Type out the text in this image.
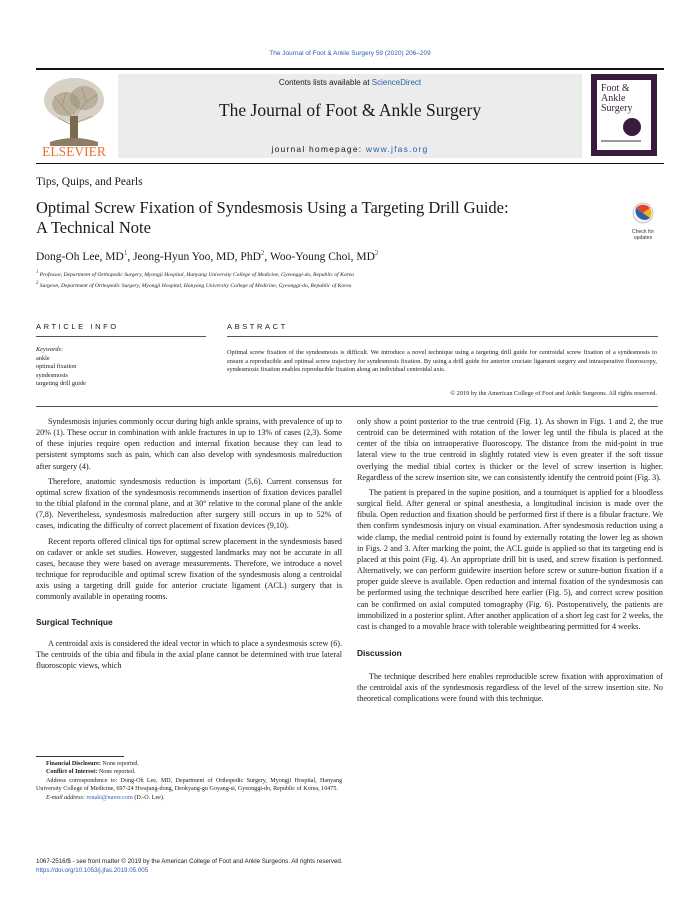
The Journal of Foot & Ankle Surgery 59 (2020) 206–209
ELSEVIER
Contents lists available at ScienceDirect
The Journal of Foot & Ankle Surgery
journal homepage: www.jfas.org
Foot &
Ankle
Surgery
Tips, Quips, and Pearls
Optimal Screw Fixation of Syndesmosis Using a Targeting Drill Guide:
A Technical Note	Check for
updates
Dong-Oh Lee, $MD^1$, Jeong-Hyun Yoo, MD, PhD$^2$, Woo-Young Choi, $MD^2$
$^1$ Professor, Department of Orthopedic Surgery, Myongji Hospital, Hanyang University College of Medicine, Gyeonggi-do, Republic of Korea
$^2$ Surgeon, Department of Orthopedic Surgery, Myongji Hospital, Hanyang University College of Medicine, Gyeonggi-do, Republic of Korea
ARTICLE INFO	ABSTRACT
Keywords:
ankle
optimal fixation
syndesmosis
targeting drill guide
Optimal screw fixation of the syndesmosis is difficult. We introduce a novel technique using a targeting drill guide for centroidal screw fixation of a syndesmosis to ensure a reproducible and optimal screw trajectory for syndesmosis fixation. By using a drill guide for anterior cruciate ligament surgery and intraoperative fluoroscopy, syndesmosis fixation enables reproducible fixation along an individual centroidal axis.
© 2019 by the American College of Foot and Ankle Surgeons. All rights reserved.

Syndesmosis injuries commonly occur during high ankle sprains, with prevalence of up to 20% (1). These occur in combination with ankle fractures in up to 13% of cases (2,3). Some of these injuries require open reduction and internal fixation because they can lead to persistent symptoms such as pain, which can also develop with syndesmosis malreduction after surgery (4).

Therefore, anatomic syndesmosis reduction is important (5,6). Current consensus for optimal screw fixation of the syndesmosis recommends insertion of fixation devices parallel to the tibial plafond in the coronal plane, and at 30° relative to the coronal plane of the ankle (7,8). Nevertheless, syndesmosis malreduction after surgery still occurs in up to 52% of cases, indicating the difficulty of correct placement of fixation devices (9,10).

Recent reports offered clinical tips for optimal screw placement in the syndesmosis based on cadaver or ankle set studies. However, suggested landmarks may not be accurate in all cases, because they were based on average measurements. Therefore, we introduce a novel technique for reproducible and optimal screw fixation of the syndesmosis along a centroidal axis using a targeting drill guide for anterior cruciate ligament (ACL) surgery that is commonly available in operating rooms.

Surgical Technique

A centroidal axis is considered the ideal vector in which to place a syndesmosis screw (6). The centroids of the tibia and fibula in the axial plane cannot be determined with true lateral fluoroscopic views, which

only show a point posterior to the true centroid (Fig. 1). As shown in Figs. 1 and 2, the true centroid can be determined with rotation of the lower leg until the fibula is placed at the center of the tibia on intraoperative fluoroscopy. The distance from the mid-point in true lateral view to the true centroid in slightly rotated view is even greater if the soft tissue overlying the medial tibial cortex is thicker or the level of screw insertion is higher. Regardless of the screw insertion site, we can consistently identify the centroid point (Fig. 3).

The patient is prepared in the supine position, and a tourniquet is applied for a bloodless surgical field. After general or spinal anesthesia, a longitudinal incision is made over the fibula. Open reduction and fixation should be performed first if there is a fibular fracture. We then confirm syndesmosis injury on visual examination. After syndesmosis reduction using a wide clamp, the medial centroid point is found by externally rotating the lower leg as shown in Figs. 2 and 3. After marking the point, the ACL guide is applied so that its targeting end is placed at this point (Fig. 4). An appropriate drill bit is used, and screw fixation is performed. Alternatively, we can perform guidewire insertion before screw or suture-button fixation if a proper guide sleeve is available. Open reduction and internal fixation of the syndesmosis can be performed using the technique described here earlier (Fig. 5), and correct screw position can be confirmed on axial computed tomography (Fig. 6). Postoperatively, the patients are immobilized in a posterior splint. After another application of a short leg cast for 2 weeks, the cast is changed to a movable brace with tolerable weightbearing permitted for 4 weeks.

Discussion

The technique described here enables reproducible screw fixation with approximation of the centroidal axis of the syndesmosis regardless of the level of the screw insertion site. No theoretical complications were found with this technique.

Financial Disclosure: None reported.
Conflict of Interest: None reported.
Address correspondence to: Dong-Oh Lee, MD, Department of Orthopedic Surgery, Myongji Hospital, Hanyang University College of Medicine, 697-24 Hwajung-dong, Deokyang-gu Goyang-si, Gyeonggi-do, Republic of Korea, 10475.
E-mail address: ronaki@naver.com (D.-O. Lee).
1067-2516/$ - see front matter © 2019 by the American College of Foot and Ankle Surgeons. All rights reserved.
https://doi.org/10.1053/j.jfas.2019.05.005
